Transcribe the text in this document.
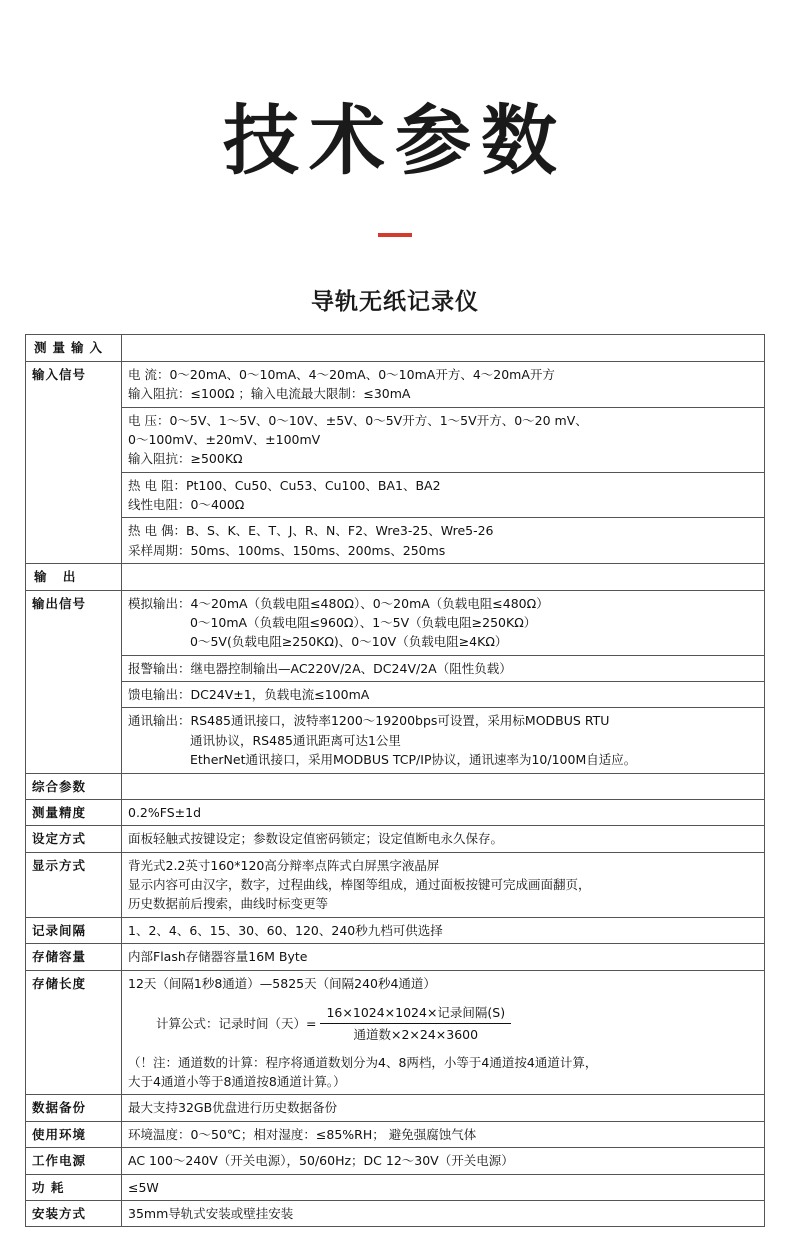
技术参数
导轨无纸记录仪
测量输入	
输入信号	电 流：0～20mA、0～10mA、4～20mA、0～10mA开方、4～20mA开方
输入阻抗：≤100Ω ；输入电流最大限制：≤30mA

	电 压：0～5V、1～5V、0～10V、±5V、0～5V开方、1～5V开方、0～20 mV、
0～100mV、±20mV、±100mV
输入阻抗：≥500KΩ

	热 电 阻：Pt100、Cu50、Cu53、Cu100、BA1、BA2
线性电阻：0～400Ω

	热 电 偶：B、S、K、E、T、J、R、N、F2、Wre3-25、Wre5-26
采样周期：50ms、100ms、150ms、200ms、250ms

输 出	
输出信号	模拟输出：4～20mA（负载电阻≤480Ω）、0～20mA（负载电阻≤480Ω）
0～10mA（负载电阻≤960Ω）、1～5V（负载电阻≥250KΩ）
0～5V(负载电阻≥250KΩ)、0～10V（负载电阻≥4KΩ）

	报警输出：继电器控制输出—AC220V/2A、DC24V/2A（阻性负载）

	馈电输出：DC24V±1，负载电流≤100mA

	通讯输出：RS485通讯接口，波特率1200～19200bps可设置，采用标MODBUS RTU
通讯协议，RS485通讯距离可达1公里
EtherNet通讯接口，采用MODBUS TCP/IP协议，通讯速率为10/100M自适应。

综合参数	
测量精度	0.2%FS±1d
设定方式	面板轻触式按键设定；参数设定值密码锁定；设定值断电永久保存。
显示方式	背光式2.2英寸160*120高分辩率点阵式白屏黑字液晶屏
显示内容可由汉字，数字，过程曲线，棒图等组成，通过面板按键可完成画面翻页，
历史数据前后搜索，曲线时标变更等

记录间隔	1、2、4、6、15、30、60、120、240秒九档可供选择
存储容量	内部Flash存储器容量16M Byte
存储长度	12天（间隔1秒8通道）—5825天（间隔240秒4通道）
计算公式：记录时间（天）= $\frac{\text{16×1024×1024×记录间隔(S)}}{\text{通道数×2×24×3600}}$
（！注：通道数的计算：程序将通道数划分为4、8两档，小等于4通道按4通道计算，
大于4通道小等于8通道按8通道计算。）

数据备份	最大支持32GB优盘进行历史数据备份
使用环境	环境温度：0～50℃；相对湿度：≤85%RH； 避免强腐蚀气体
工作电源	AC 100～240V（开关电源），50/60Hz；DC 12～30V（开关电源）
功 耗	≤5W
安装方式	35mm导轨式安装或壁挂安装
